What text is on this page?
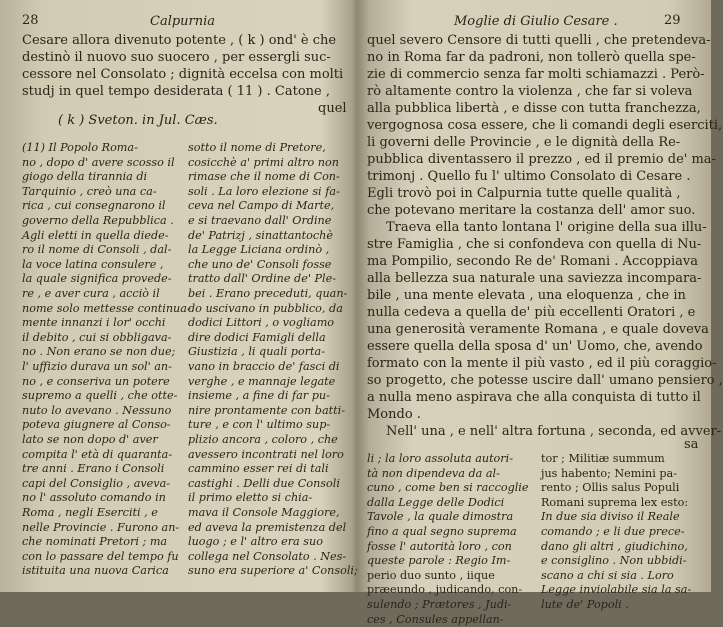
28	Calpurnia
Cesare allora divenuto potente , ( k ) ond' è che
destinò il nuovo suo suocero , per essergli suc-
cessore nel Consolato ; dignità eccelsa con molti
studj in quel tempo desiderata ( 11 ) . Catone ,
quel
( k ) Sveton. in Jul. Cæs.
(11) Il Popolo Roma-
no , dopo d' avere scosso il
giogo della tirannia di
Tarquinio , creò una ca-
rica , cui consegnarono il
governo della Repubblica .
Agli eletti in quella diede-
ro il nome di Consoli , dal-
la voce latina consulere ,
la quale significa provede-
re , e aver cura , acciò il
nome solo mettesse continua-
mente innanzi i lor' occhi
il debito , cui si obbligava-
no . Non erano se non due;
l' uffizio durava un sol' an-
no , e conseriva un potere
supremo a quelli , che otte-
nuto lo avevano . Nessuno
poteva giugnere al Conso-
lato se non dopo d' aver
compita l' età di quaranta-
tre anni . Erano i Consoli
capi del Consiglio , aveva-
no l' assoluto comando in
Roma , negli Eserciti , e
nelle Provincie . Furono an-
che nominati Pretori ; ma
con lo passare del tempo fu
istituita una nuova Carica
sotto il nome di Pretore,
cosicchè a' primi altro non
rimase che il nome di Con-
soli . La loro elezione si fa-
ceva nel Campo di Marte,
e si traevano dall' Ordine
de' Patrizj , sinattantochè
la Legge Liciana ordinò ,
che uno de' Consoli fosse
tratto dall' Ordine de' Ple-
bei . Erano preceduti, quan-
do uscivano in pubblico, da
dodici Littori , o vogliamo
dire dodici Famigli della
Giustizia , li quali porta-
vano in braccio de' fasci di
verghe , e mannaje legate
insieme , a fine di far pu-
nire prontamente con batti-
ture , e con l' ultimo sup-
plizio ancora , coloro , che
avessero incontrati nel loro
cammino esser rei di tali
castighi . Delli due Consoli
il primo eletto si chia-
mava il Console Maggiore,
ed aveva la premistenza del
luogo ; e l' altro era suo
collega nel Consolato . Nes-
suno era superiore a' Consoli;
Moglie di Giulio Cesare .	29
quel severo Censore di tutti quelli , che pretendeva-
no in Roma far da padroni, non tollerò quella spe-
zie di commercio senza far molti schiamazzi . Però-
rò altamente contro la violenza , che far si voleva
alla pubblica libertà , e disse con tutta franchezza,
vergognosa cosa essere, che li comandi degli eserciti,
li governi delle Provincie , e le dignità della Re-
pubblica diventassero il prezzo , ed il premio de' ma-
trimonj . Quello fu l' ultimo Consolato di Cesare .
Egli trovò poi in Calpurnia tutte quelle qualità ,
che potevano meritare la costanza dell' amor suo.
Traeva ella tanto lontana l' origine della sua illu-
stre Famiglia , che si confondeva con quella di Nu-
ma Pompilio, secondo Re de' Romani . Accoppiava
alla bellezza sua naturale una saviezza incompara-
bile , una mente elevata , una eloquenza , che in
nulla cedeva a quella de' più eccellenti Oratori , e
una generosità veramente Romana , e quale doveva
essere quella della sposa d' un' Uomo, che, avendo
formato con la mente il più vasto , ed il più coraggio-
so progetto, che potesse uscire dall' umano pensiero ,
a nulla meno aspirava che alla conquista di tutto il
Mondo .
Nell' una , e nell' altra fortuna , seconda, ed avver-
sa
li ; la loro assoluta autori-
tà non dipendeva da al-
cuno , come ben si raccoglie
dalla Legge delle Dodici
Tavole , la quale dimostra
fino a qual segno suprema
fosse l' autorità loro , con
queste parole : Regio Im-
perio duo sunto , iique
præeundo , judicando, con-
tor ; Militiæ summum
jus habento; Nemini pa-
rento ; Ollis salus Populi
Romani suprema lex esto:
In due sia diviso il Reale
comando ; e li due prece-
dano gli altri , giudichino,
e consiglino . Non ubbidi-
scano a chi si sia . Loro
Legge inviolabile sia la sa-
sulendo ; Prætores , Judi-
ces , Consules appellan-
lute de' Popoli .
